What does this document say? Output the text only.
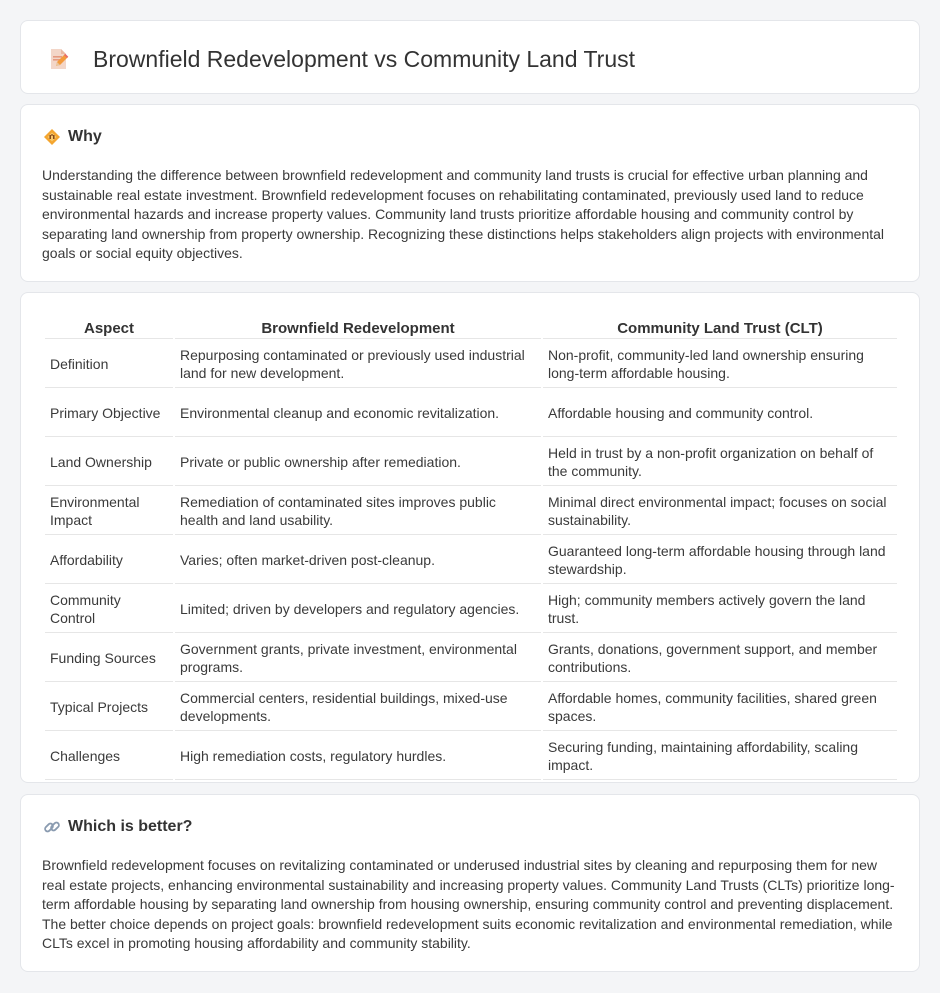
Brownfield Redevelopment vs Community Land Trust
Why

Understanding the difference between brownfield redevelopment and community land trusts is crucial for effective urban planning and sustainable real estate investment. Brownfield redevelopment focuses on rehabilitating contaminated, previously used land to reduce environmental hazards and increase property values. Community land trusts prioritize affordable housing and community control by separating land ownership from property ownership. Recognizing these distinctions helps stakeholders align projects with environmental goals or social equity objectives.

Aspect	Brownfield Redevelopment	Community Land Trust (CLT)
Definition	Repurposing contaminated or previously used industrial land for new development.	Non-profit, community-led land ownership ensuring long-term affordable housing.
Primary Objective	Environmental cleanup and economic revitalization.	Affordable housing and community control.
Land Ownership	Private or public ownership after remediation.	Held in trust by a non-profit organization on behalf of the community.
Environmental Impact	Remediation of contaminated sites improves public health and land usability.	Minimal direct environmental impact; focuses on social sustainability.
Affordability	Varies; often market-driven post-cleanup.	Guaranteed long-term affordable housing through land stewardship.
Community Control	Limited; driven by developers and regulatory agencies.	High; community members actively govern the land trust.
Funding Sources	Government grants, private investment, environmental programs.	Grants, donations, government support, and member contributions.
Typical Projects	Commercial centers, residential buildings, mixed-use developments.	Affordable homes, community facilities, shared green spaces.
Challenges	High remediation costs, regulatory hurdles.	Securing funding, maintaining affordability, scaling impact.
Which is better?

Brownfield redevelopment focuses on revitalizing contaminated or underused industrial sites by cleaning and repurposing them for new real estate projects, enhancing environmental sustainability and increasing property values. Community Land Trusts (CLTs) prioritize long-term affordable housing by separating land ownership from housing ownership, ensuring community control and preventing displacement. The better choice depends on project goals: brownfield redevelopment suits economic revitalization and environmental remediation, while CLTs excel in promoting housing affordability and community stability.
